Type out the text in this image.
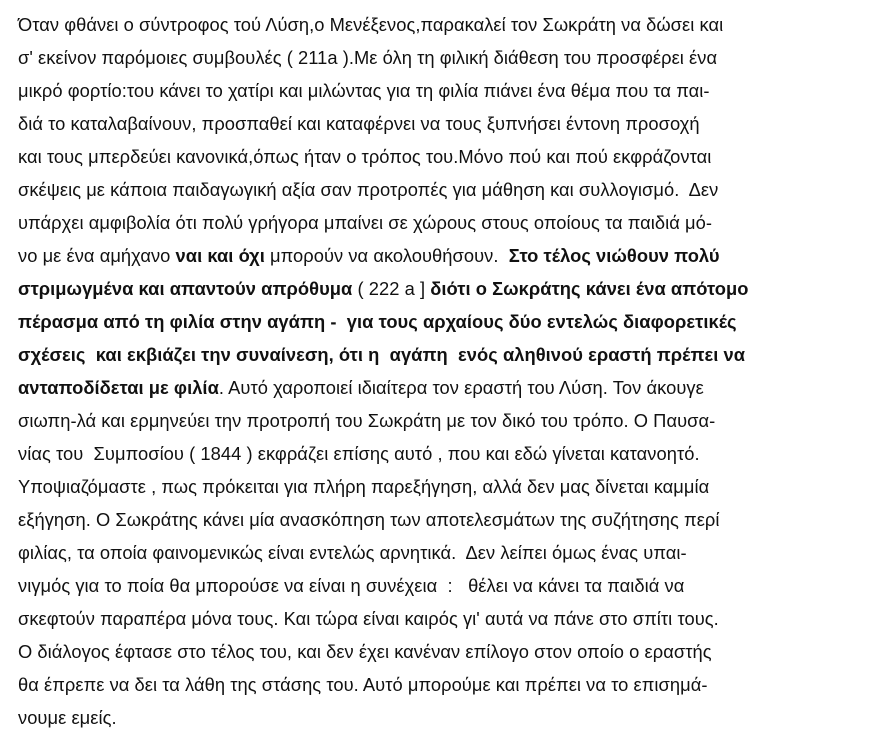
Όταν φθάνει ο σύντροφος τού Λύση,ο Μενέξενος,παρακαλεί τον Σωκράτη να δώσει και
σ' εκείνον παρόμοιες συμβουλές ( 211a ).Με όλη τη φιλική διάθεση του προσφέρει ένα
μικρό φορτίο:του κάνει το χατίρι και μιλώντας για τη φιλία πιάνει ένα θέμα που τα παι-
διά το καταλαβαίνουν, προσπαθεί και καταφέρνει να τους ξυπνήσει έντονη προσοχή
και τους μπερδεύει κανονικά,όπως ήταν ο τρόπος του.Μόνο πού και πού εκφράζονται
σκέψεις με κάποια παιδαγωγική αξία σαν προτροπές για μάθηση και συλλογισμό.  Δεν
υπάρχει αμφιβολία ότι πολύ γρήγορα μπαίνει σε χώρους στους οποίους τα παιδιά μό-
νο με ένα αμήχανο ναι και όχι μπορούν να ακολουθήσουν.  Στο τέλος νιώθουν πολύ
στριμωγμένα και απαντούν απρόθυμα ( 222 a ] διότι ο Σωκράτης κάνει ένα απότομο
πέρασμα από τη φιλία στην αγάπη -  για τους αρχαίους δύο εντελώς διαφορετικές
σχέσεις  και εκβιάζει την συναίνεση, ότι η  αγάπη  ενός αληθινού εραστή πρέπει να
ανταποδίδεται με φιλία. Αυτό χαροποιεί ιδιαίτερα τον εραστή του Λύση. Τον άκουγε
σιωπη-λά και ερμηνεύει την προτροπή του Σωκράτη με τον δικό του τρόπο. Ο Παυσα-
νίας του  Συμποσίου ( 1844 ) εκφράζει επίσης αυτό , που και εδώ γίνεται κατανοητό.
Υποψιαζόμαστε , πως πρόκειται για πλήρη παρεξήγηση, αλλά δεν μας δίνεται καμμία
εξήγηση. Ο Σωκράτης κάνει μία ανασκόπηση των αποτελεσμάτων της συζήτησης περί
φιλίας, τα οποία φαινομενικώς είναι εντελώς αρνητικά.  Δεν λείπει όμως ένας υπαι-
νιγμός για το ποία θα μπορούσε να είναι η συνέχεια  :   θέλει να κάνει τα παιδιά να
σκεφτούν παραπέρα μόνα τους. Και τώρα είναι καιρός γι' αυτά να πάνε στο σπίτι τους.
Ο διάλογος έφτασε στο τέλος του, και δεν έχει κανέναν επίλογο στον οποίο ο εραστής
θα έπρεπε να δει τα λάθη της στάσης του. Αυτό μπορούμε και πρέπει να το επισημά-
νουμε εμείς.
